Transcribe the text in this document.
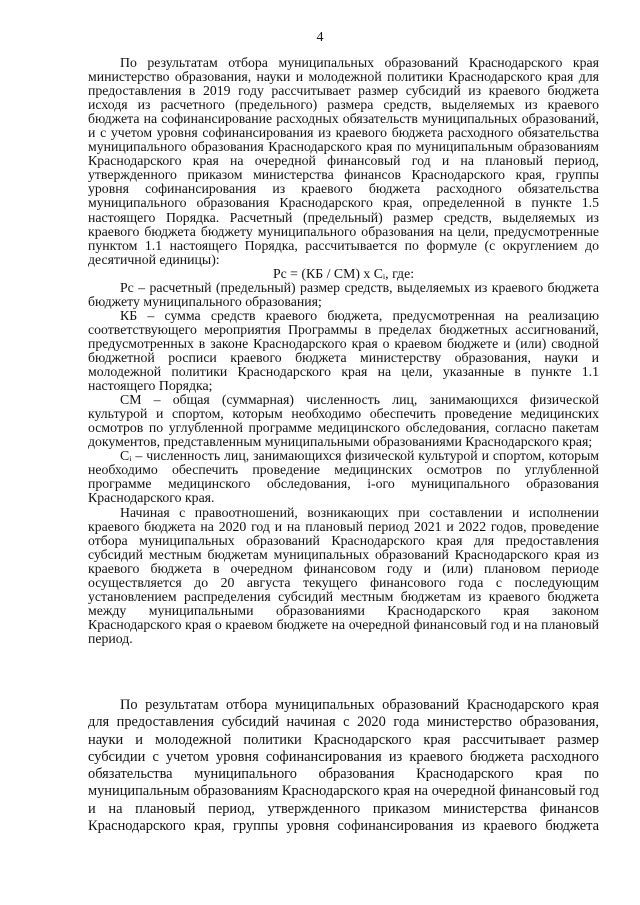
4

По результатам отбора муниципальных образований Краснодарского края министерство образования, науки и молодежной политики Краснодарского края для предоставления в 2019 году рассчитывает размер субсидий из краевого бюджета исходя из расчетного (предельного) размера средств, выделяемых из краевого бюджета на софинансирование расходных обязательств муниципальных образований, и с учетом уровня софинансирования из краевого бюджета расходного обязательства муниципального образования Краснодарского края по муниципальным образованиям Краснодарского края на очередной финансовый год и на плановый период, утвержденного приказом министерства финансов Краснодарского края, группы уровня софинансирования из краевого бюджета расходного обязательства муниципального образования Краснодарского края, определенной в пункте 1.5 настоящего Порядка. Расчетный (предельный) размер средств, выделяемых из краевого бюджета бюджету муниципального образования на цели, предусмотренные пунктом 1.1 настоящего Порядка, рассчитывается по формуле (с округлением до десятичной единицы):

Pc = (КБ / СМ) x Cᵢ, где:

Pc – расчетный (предельный) размер средств, выделяемых из краевого бюджета бюджету муниципального образования;

КБ – сумма средств краевого бюджета, предусмотренная на реализацию соответствующего мероприятия Программы в пределах бюджетных ассигнований, предусмотренных в законе Краснодарского края о краевом бюджете и (или) сводной бюджетной росписи краевого бюджета министерству образования, науки и молодежной политики Краснодарского края на цели, указанные в пункте 1.1 настоящего Порядка;

СМ – общая (суммарная) численность лиц, занимающихся физической культурой и спортом, которым необходимо обеспечить проведение медицинских осмотров по углубленной программе медицинского обследования, согласно пакетам документов, представленным муниципальными образованиями Краснодарского края;

Cᵢ – численность лиц, занимающихся физической культурой и спортом, которым необходимо обеспечить проведение медицинских осмотров по углубленной программе медицинского обследования, i-ого муниципального образования Краснодарского края.

Начиная с правоотношений, возникающих при составлении и исполнении краевого бюджета на 2020 год и на плановый период 2021 и 2022 годов, проведение отбора муниципальных образований Краснодарского края для предоставления субсидий местным бюджетам муниципальных образований Краснодарского края из краевого бюджета в очередном финансовом году и (или) плановом периоде осуществляется до 20 августа текущего финансового года с последующим установлением распределения субсидий местным бюджетам из краевого бюджета между муниципальными образованиями Краснодарского края законом Краснодарского края о краевом бюджете на очередной финансовый год и на плановый период.

По результатам отбора муниципальных образований Краснодарского края для предоставления субсидий начиная с 2020 года министерство образования, науки и молодежной политики Краснодарского края рассчитывает размер субсидии с учетом уровня софинансирования из краевого бюджета расходного обязательства муниципального образования Краснодарского края по муниципальным образованиям Краснодарского края на очередной финансовый год и на плановый период, утвержденного приказом министерства финансов Краснодарского края, группы уровня софинансирования из краевого бюджета
